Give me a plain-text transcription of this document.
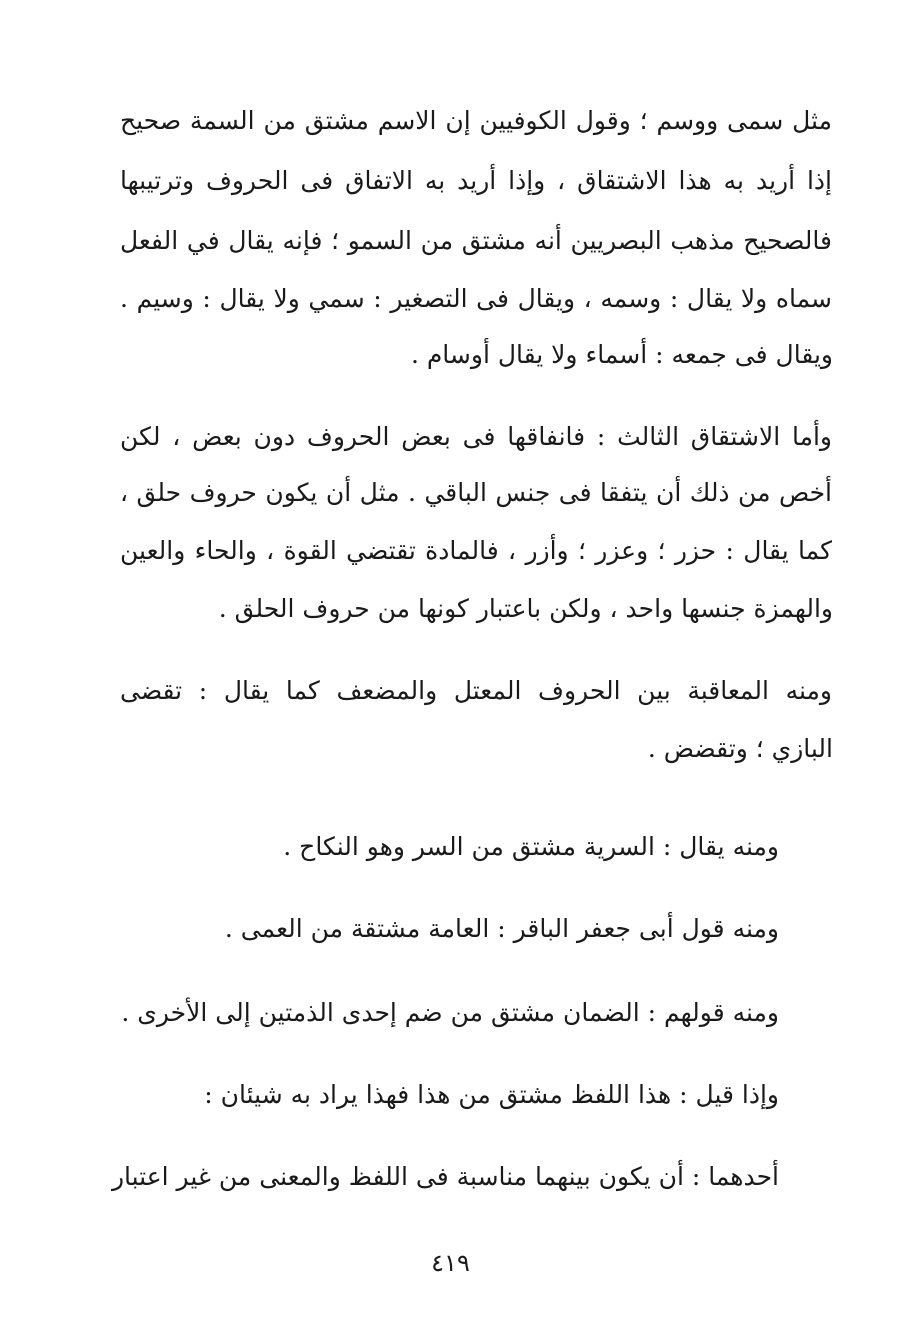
مثل سمى ووسم ؛ وقول الكوفيين إن الاسم مشتق من السمة صحيح

إذا أريد به هذا الاشتقاق ، وإذا أريد به الاتفاق فى الحروف وترتيبها

فالصحيح مذهب البصريين أنه مشتق من السمو ؛ فإنه يقال في الفعل

سماه ولا يقال : وسمه ، ويقال فى التصغير : سمي ولا يقال : وسيم .

ويقال فى جمعه : أسماء ولا يقال أوسام .

وأما الاشتقاق الثالث : فانفاقها فى بعض الحروف دون بعض ، لكن

أخص من ذلك أن يتفقا فى جنس الباقي . مثل أن يكون حروف حلق ،

كما يقال : حزر ؛ وعزر ؛ وأزر ، فالمادة تقتضي القوة ، والحاء والعين

والهمزة جنسها واحد ، ولكن باعتبار كونها من حروف الحلق .

ومنه المعاقبة بين الحروف المعتل والمضعف كما يقال : تقضى

البازي ؛ وتقضض .

ومنه يقال : السرية مشتق من السر وهو النكاح .

ومنه قول أبى جعفر الباقر : العامة مشتقة من العمى .

ومنه قولهم : الضمان مشتق من ضم إحدى الذمتين إلى الأخرى .

وإذا قيل : هذا اللفظ مشتق من هذا فهذا يراد به شيئان :

أحدهما : أن يكون بينهما مناسبة فى اللفظ والمعنى من غير اعتبار

٤١٩
